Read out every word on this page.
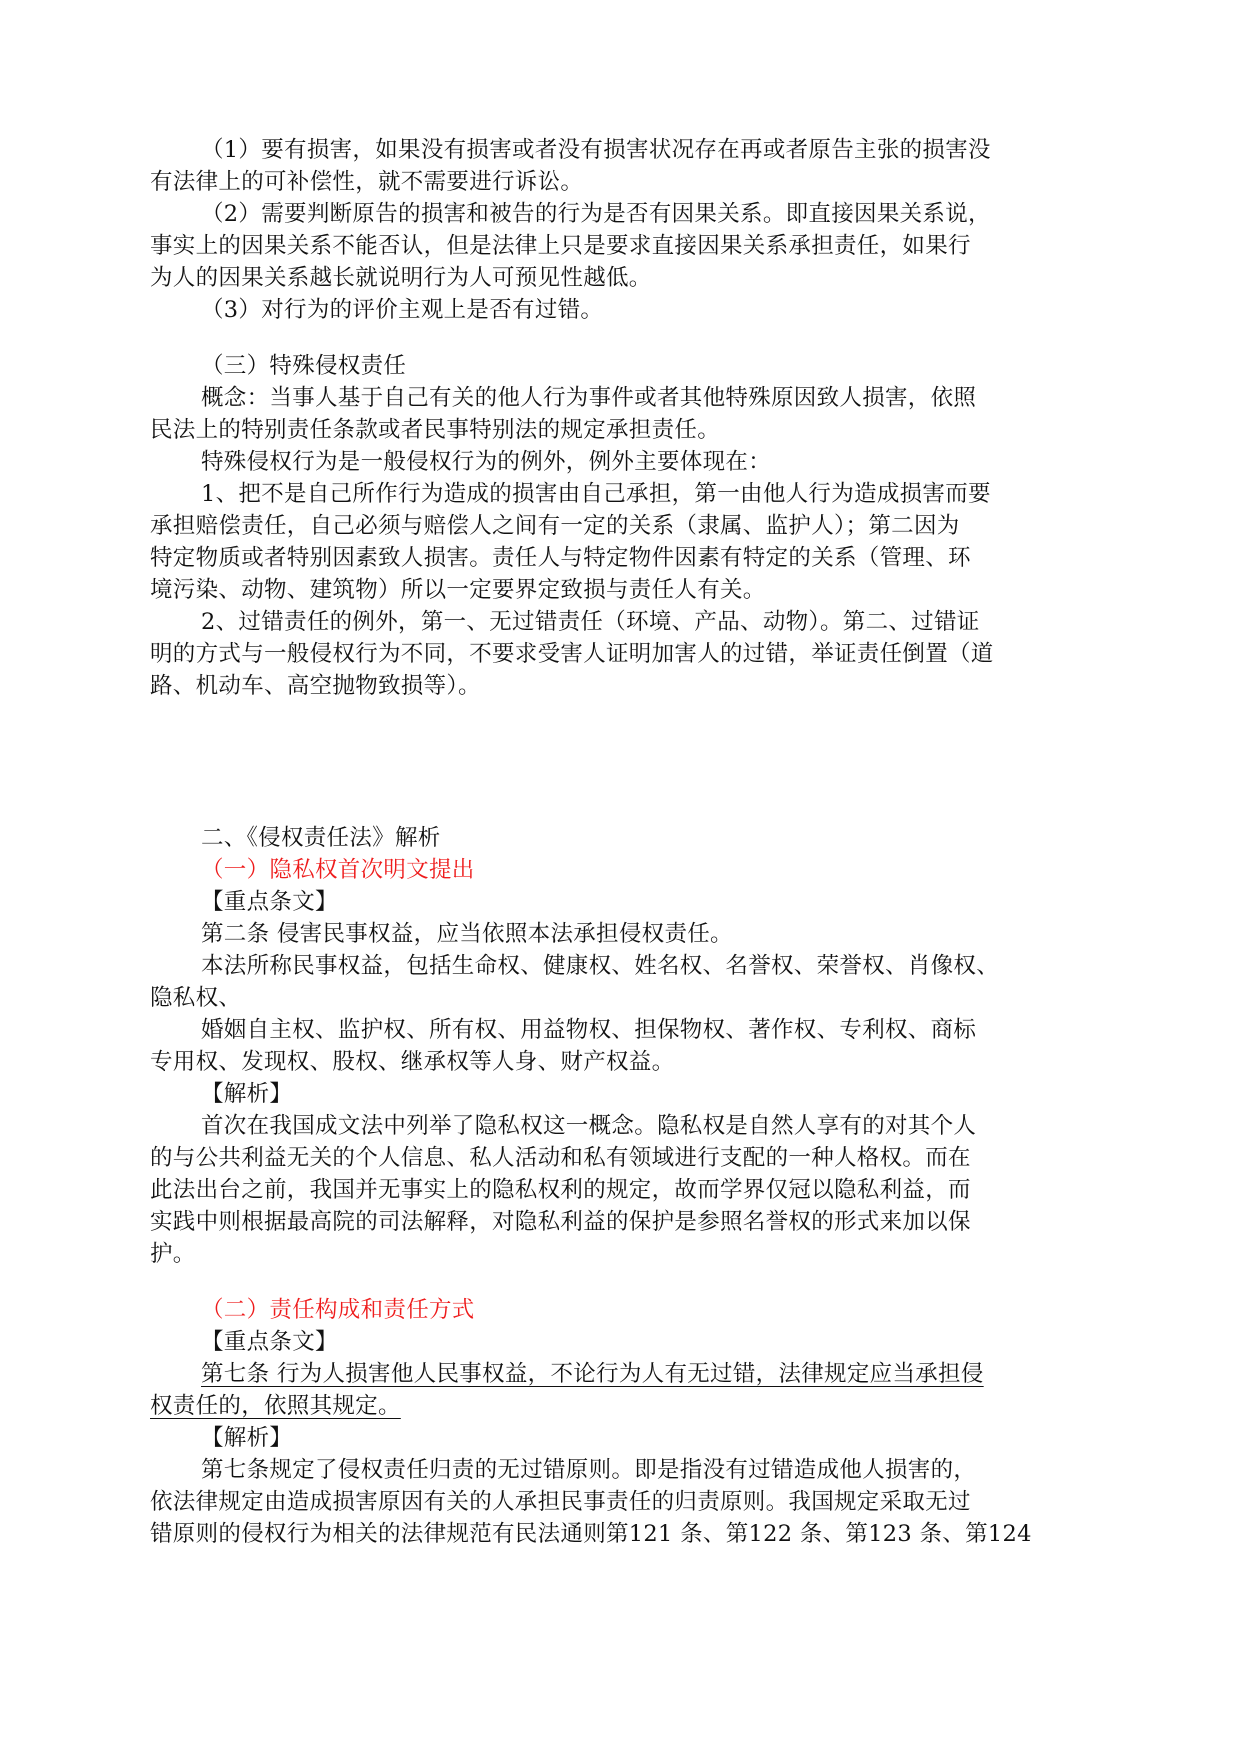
（1）要有损害，如果没有损害或者没有损害状况存在再或者原告主张的损害没
有法律上的可补偿性，就不需要进行诉讼。
（2）需要判断原告的损害和被告的行为是否有因果关系。即直接因果关系说，
事实上的因果关系不能否认，但是法律上只是要求直接因果关系承担责任，如果行
为人的因果关系越长就说明行为人可预见性越低。
（3）对行为的评价主观上是否有过错。
（三）特殊侵权责任
概念：当事人基于自己有关的他人行为事件或者其他特殊原因致人损害，依照
民法上的特别责任条款或者民事特别法的规定承担责任。
特殊侵权行为是一般侵权行为的例外，例外主要体现在：
1、把不是自己所作行为造成的损害由自己承担，第一由他人行为造成损害而要
承担赔偿责任，自己必须与赔偿人之间有一定的关系（隶属、监护人）；第二因为
特定物质或者特别因素致人损害。责任人与特定物件因素有特定的关系（管理、环
境污染、动物、建筑物）所以一定要界定致损与责任人有关。
2、过错责任的例外，第一、无过错责任（环境、产品、动物）。第二、过错证
明的方式与一般侵权行为不同，不要求受害人证明加害人的过错，举证责任倒置（道
路、机动车、高空抛物致损等）。
二、《侵权责任法》解析
（一）隐私权首次明文提出
【重点条文】
第二条 侵害民事权益，应当依照本法承担侵权责任。
本法所称民事权益，包括生命权、健康权、姓名权、名誉权、荣誉权、肖像权、
隐私权、
婚姻自主权、监护权、所有权、用益物权、担保物权、著作权、专利权、商标
专用权、发现权、股权、继承权等人身、财产权益。
【解析】
首次在我国成文法中列举了隐私权这一概念。隐私权是自然人享有的对其个人
的与公共利益无关的个人信息、私人活动和私有领域进行支配的一种人格权。而在
此法出台之前，我国并无事实上的隐私权利的规定，故而学界仅冠以隐私利益，而
实践中则根据最高院的司法解释，对隐私利益的保护是参照名誉权的形式来加以保
护。
（二）责任构成和责任方式
【重点条文】
第七条 行为人损害他人民事权益，不论行为人有无过错，法律规定应当承担侵
权责任的，依照其规定。
【解析】
第七条规定了侵权责任归责的无过错原则。即是指没有过错造成他人损害的，
依法律规定由造成损害原因有关的人承担民事责任的归责原则。我国规定采取无过
错原则的侵权行为相关的法律规范有民法通则第121 条、第122 条、第123 条、第124
